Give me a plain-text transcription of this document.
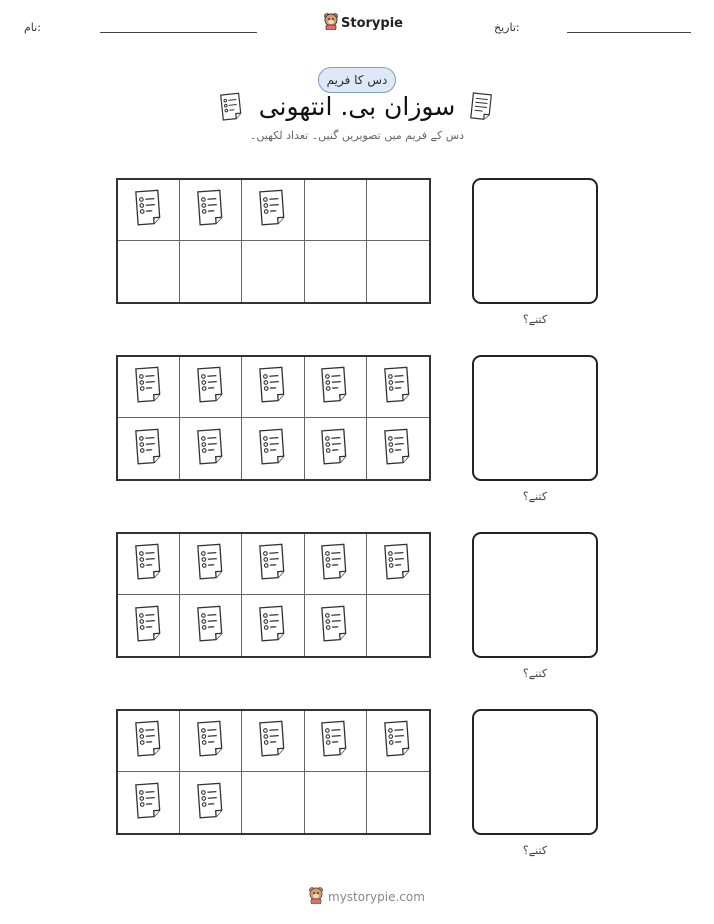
نام:	Storypie	تاریخ:
دس کا فریم
سوزان بی. انتھونی
دس کے فریم میں تصویریں گنیں۔ تعداد لکھیں۔
کتنے؟
کتنے؟
کتنے؟
کتنے؟
mystorypie.com
